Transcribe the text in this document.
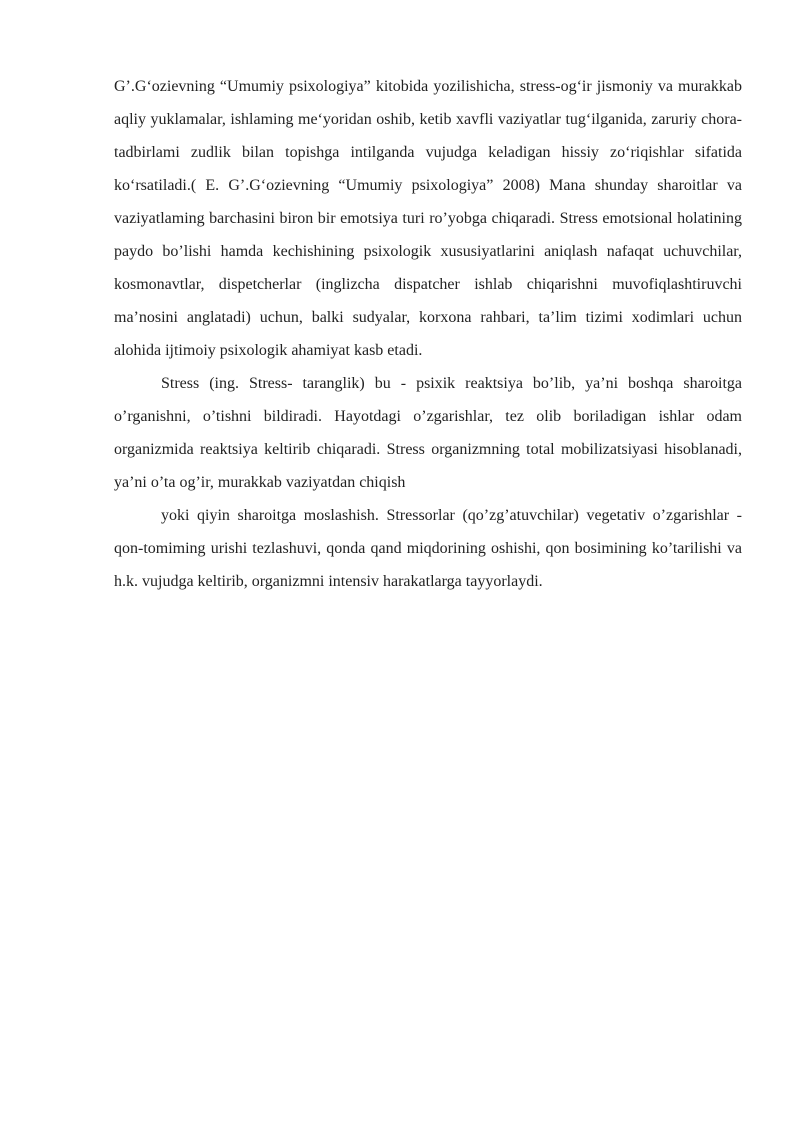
G’.G‘ozievning “Umumiy psixologiya” kitobida yozilishicha, stress-og‘ir jismoniy va murakkab aqliy yuklamalar, ishlaming me‘yoridan oshib, ketib xavfli vaziyatlar tug‘ilganida, zaruriy chora-tadbirlami zudlik bilan topishga intilganda vujudga keladigan hissiy zo‘riqishlar sifatida ko‘rsatiladi.( E. G’.G‘ozievning “Umumiy psixologiya” 2008) Mana shunday sharoitlar va vaziyatlaming barchasini biron bir emotsiya turi ro’yobga chiqaradi. Stress emotsional holatining paydo bo’lishi hamda kechishining psixologik xususiyatlarini aniqlash nafaqat uchuvchilar, kosmonavtlar, dispetcherlar (inglizcha dispatcher ishlab chiqarishni muvofiqlashtiruvchi ma’nosini anglatadi) uchun, balki sudyalar, korxona rahbari, ta’lim tizimi xodimlari uchun alohida ijtimoiy psixologik ahamiyat kasb etadi.

Stress (ing. Stress- taranglik) bu - psixik reaktsiya bo’lib, ya’ni boshqa sharoitga o’rganishni, o’tishni bildiradi. Hayotdagi o’zgarishlar, tez olib boriladigan ishlar odam organizmida reaktsiya keltirib chiqaradi. Stress organizmning total mobilizatsiyasi hisoblanadi, ya’ni o’ta og’ir, murakkab vaziyatdan chiqish

yoki qiyin sharoitga moslashish. Stressorlar (qo’zg’atuvchilar) vegetativ o’zgarishlar - qon-tomiming urishi tezlashuvi, qonda qand miqdorining oshishi, qon bosimining ko’tarilishi va h.k. vujudga keltirib, organizmni intensiv harakatlarga tayyorlaydi.
